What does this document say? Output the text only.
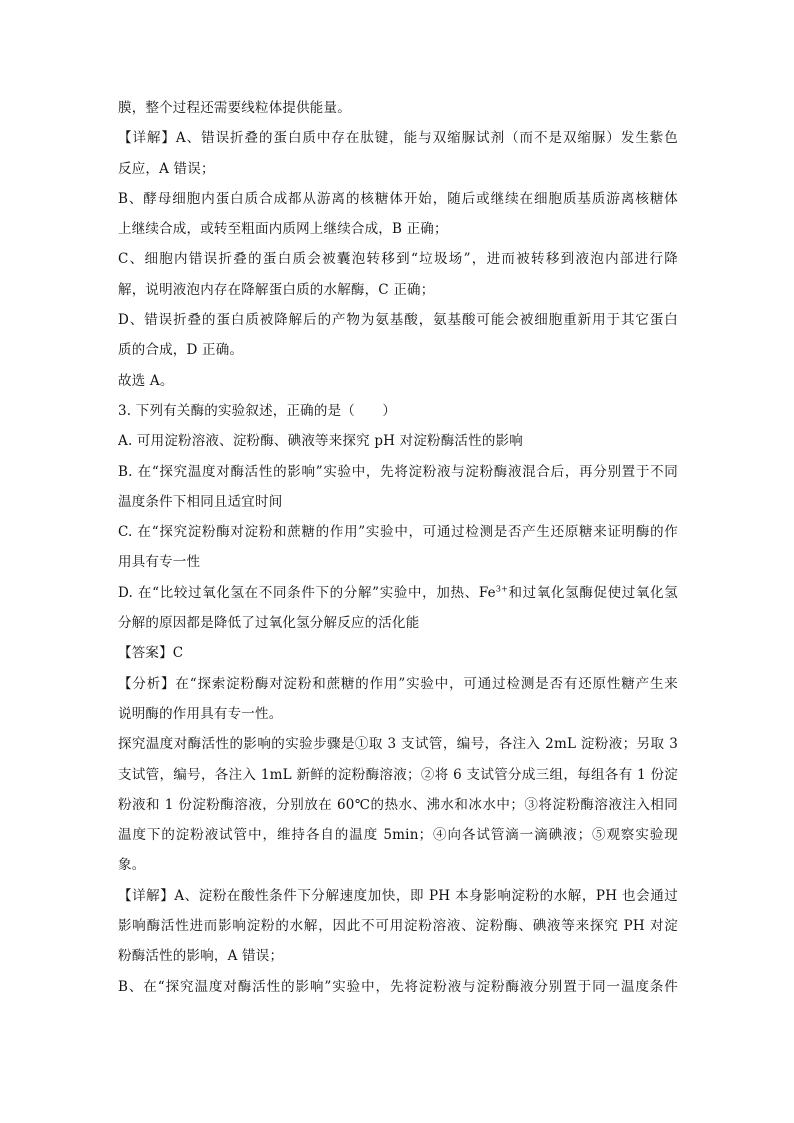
膜，整个过程还需要线粒体提供能量。
【详解】A、错误折叠的蛋白质中存在肽键，能与双缩脲试剂（而不是双缩脲）发生紫色
反应，A 错误；
B、酵母细胞内蛋白质合成都从游离的核糖体开始，随后或继续在细胞质基质游离核糖体
上继续合成，或转至粗面内质网上继续合成，B 正确；
C、细胞内错误折叠的蛋白质会被囊泡转移到“垃圾场”，进而被转移到液泡内部进行降
解，说明液泡内存在降解蛋白质的水解酶，C 正确；
D、错误折叠的蛋白质被降解后的产物为氨基酸，氨基酸可能会被细胞重新用于其它蛋白
质的合成，D 正确。
故选 A。
3. 下列有关酶的实验叙述，正确的是（　　）
A. 可用淀粉溶液、淀粉酶、碘液等来探究 pH 对淀粉酶活性的影响
B. 在“探究温度对酶活性的影响”实验中，先将淀粉液与淀粉酶液混合后，再分别置于不同
温度条件下相同且适宜时间
C. 在“探究淀粉酶对淀粉和蔗糖的作用”实验中，可通过检测是否产生还原糖来证明酶的作
用具有专一性
D. 在“比较过氧化氢在不同条件下的分解”实验中，加热、$Fe^{3+}$和过氧化氢酶促使过氧化氢
分解的原因都是降低了过氧化氢分解反应的活化能
【答案】C
【分析】在“探索淀粉酶对淀粉和蔗糖的作用”实验中，可通过检测是否有还原性糖产生来
说明酶的作用具有专一性。
探究温度对酶活性的影响的实验步骤是①取 3 支试管，编号，各注入 2mL 淀粉液；另取 3
支试管，编号，各注入 1mL 新鲜的淀粉酶溶液；②将 6 支试管分成三组，每组各有 1 份淀
粉液和 1 份淀粉酶溶液，分别放在 60℃的热水、沸水和冰水中；③将淀粉酶溶液注入相同
温度下的淀粉液试管中，维持各自的温度 5min；④向各试管滴一滴碘液；⑤观察实验现
象。
【详解】A、淀粉在酸性条件下分解速度加快，即 PH 本身影响淀粉的水解，PH 也会通过
影响酶活性进而影响淀粉的水解，因此不可用淀粉溶液、淀粉酶、碘液等来探究 PH 对淀
粉酶活性的影响，A 错误；
B、在“探究温度对酶活性的影响”实验中，先将淀粉液与淀粉酶液分别置于同一温度条件
